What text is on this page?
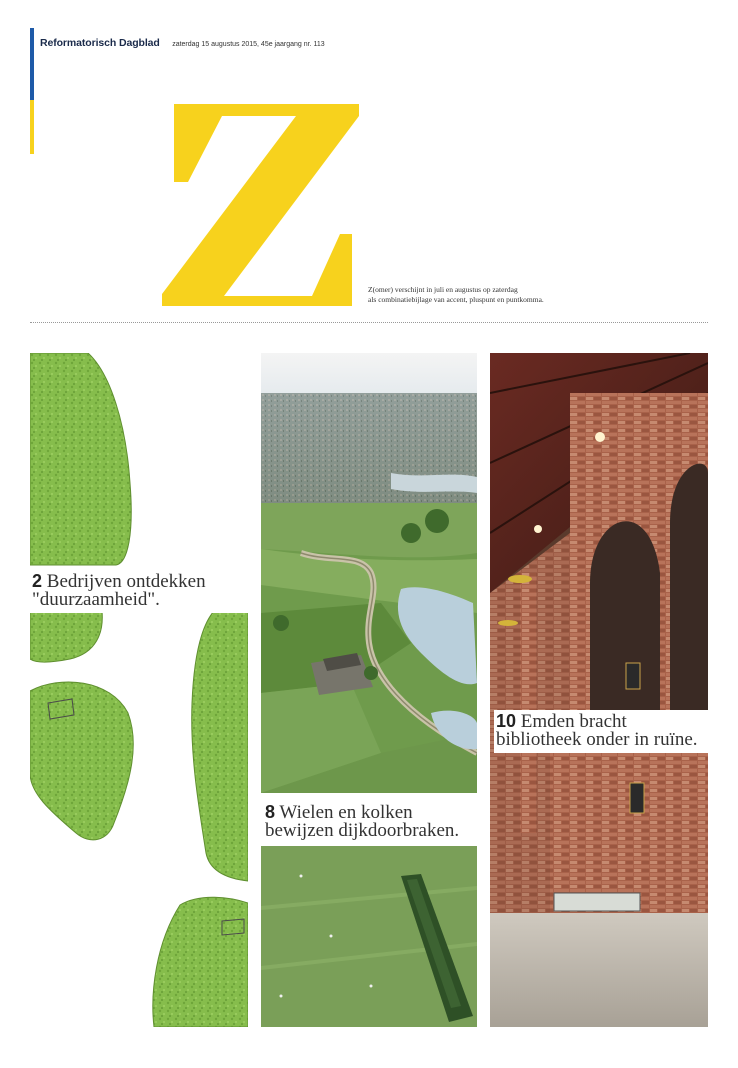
Reformatorisch Dagblad zaterdag 15 augustus 2015, 45e jaargang nr. 113
Z(omer) verschijnt in juli en augustus op zaterdag
als combinatiebijlage van accent, pluspunt en puntkomma.
2 Bedrijven ontdekken "duurzaamheid".
8 Wielen en kolken bewijzen dijkdoorbraken.
10 Emden bracht bibliotheek onder in ruïne.
